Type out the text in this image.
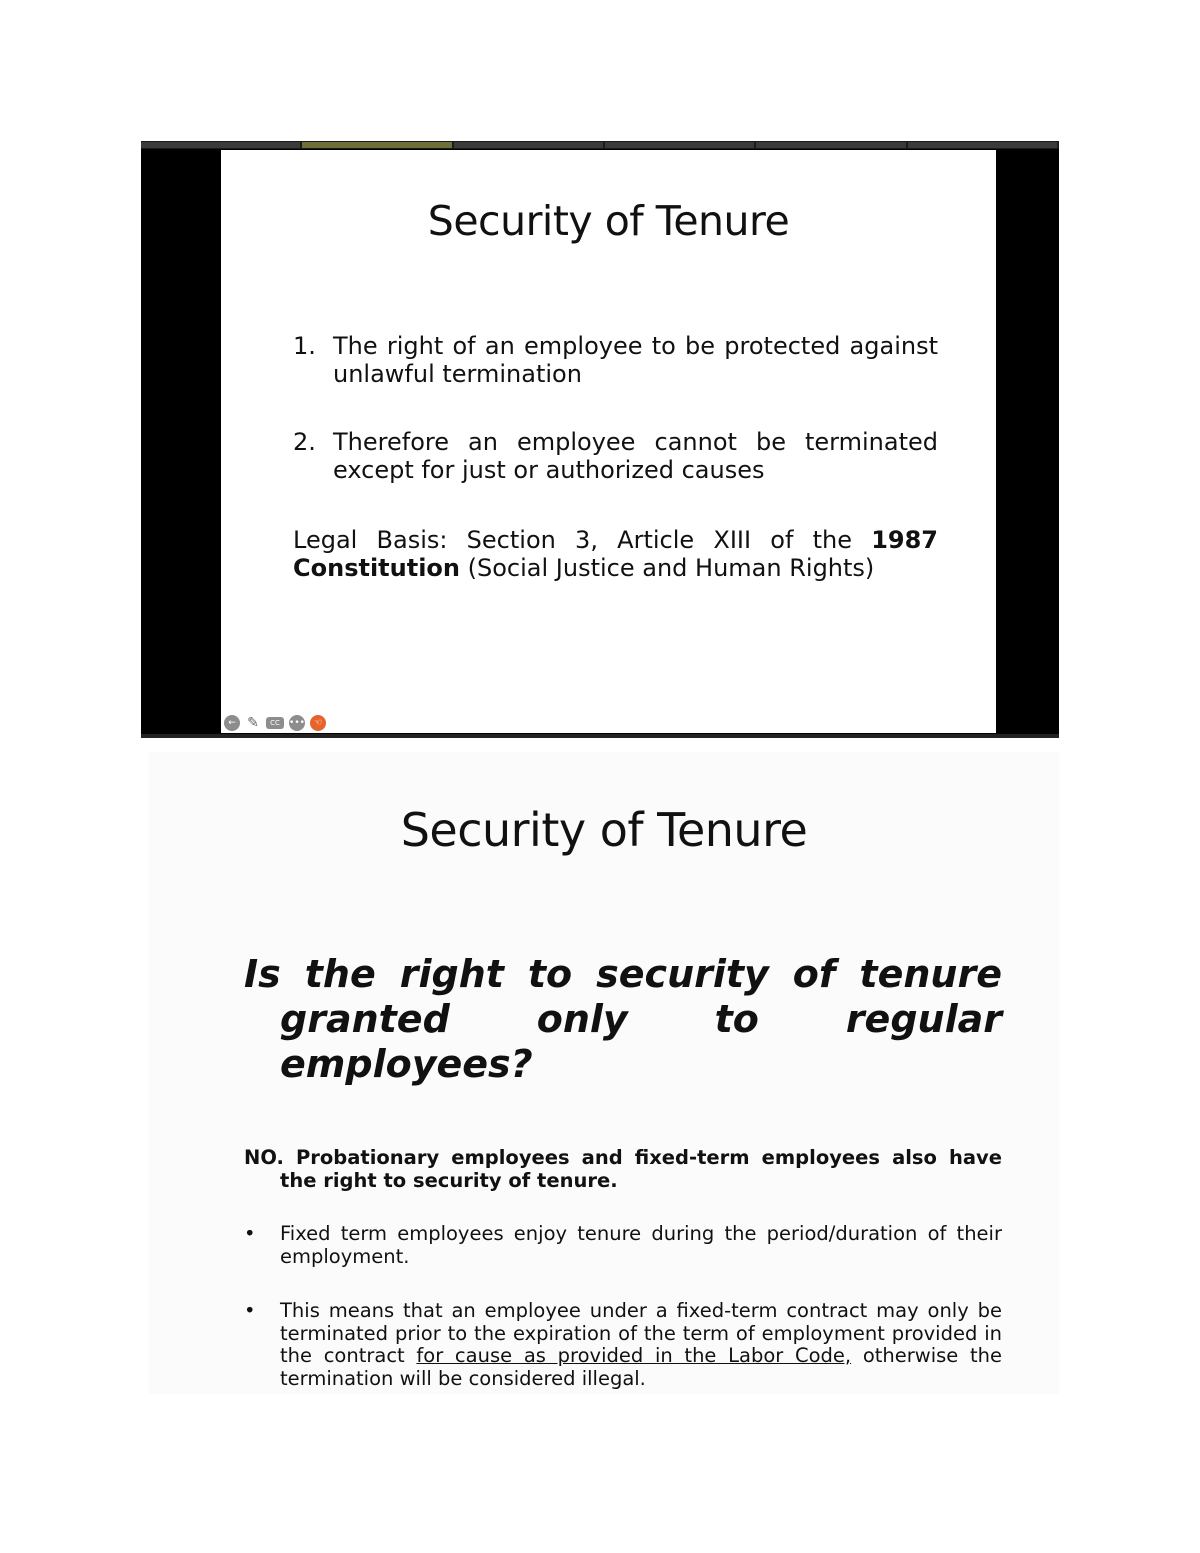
Security of Tenure
1. The right of an employee to be protected against unlawful termination
2. Therefore an employee cannot be terminated except for just or authorized causes
Legal Basis: Section 3, Article XIII of the 1987 Constitution (Social Justice and Human Rights)
← ✎	CC	••• ☜
Security of Tenure
Is the right to security of tenure granted only to regular employees?
NO. Probationary employees and fixed-term employees also have the right to security of tenure.
•	Fixed term employees enjoy tenure during the period/duration of their employment.
•	This means that an employee under a fixed-term contract may only be terminated prior to the expiration of the term of employment provided in the contract for cause as provided in the Labor Code, otherwise the termination will be considered illegal.
